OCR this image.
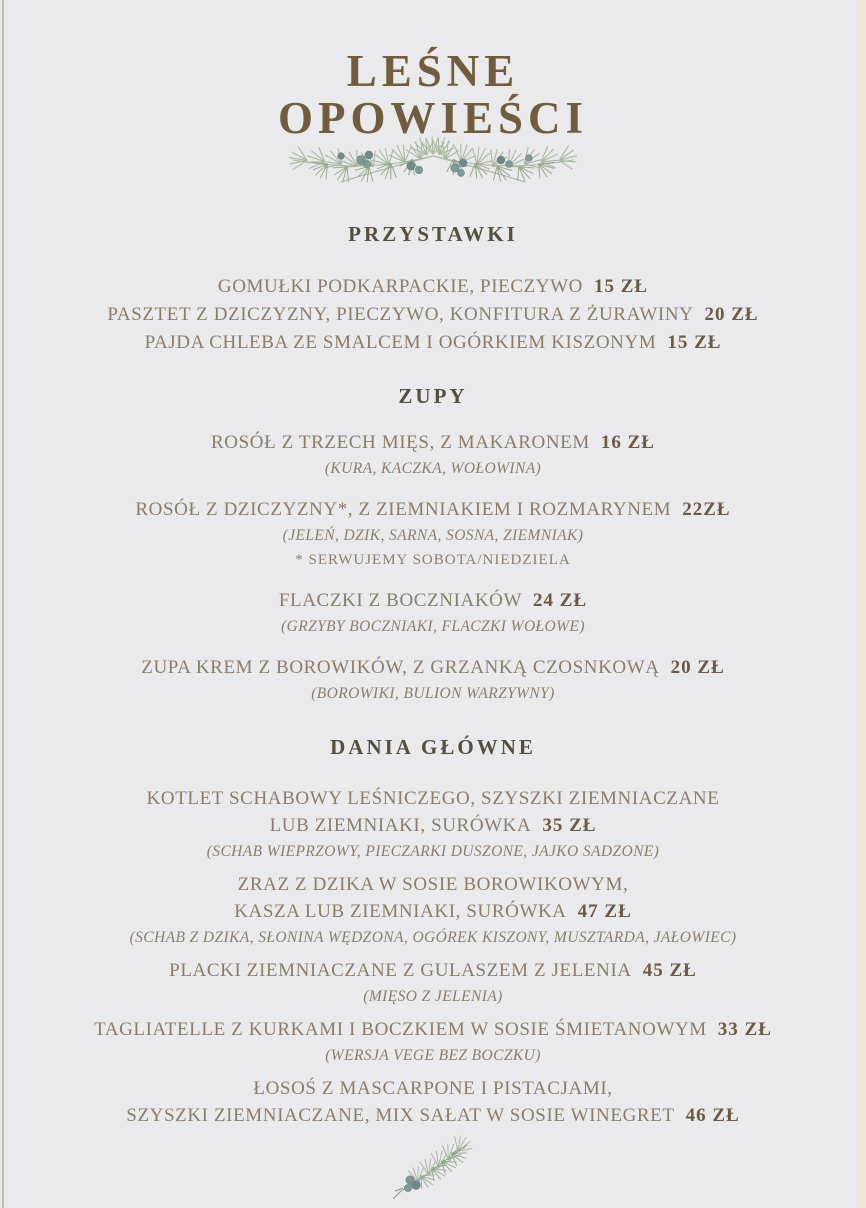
LEŚNE
OPOWIEŚCI
PRZYSTAWKI
GOMUŁKI PODKARPACKIE, PIECZYWO 15 ZŁ
PASZTET Z DZICZYZNY, PIECZYWO, KONFITURA Z ŻURAWINY 20 ZŁ
PAJDA CHLEBA ZE SMALCEM I OGÓRKIEM KISZONYM 15 ZŁ
ZUPY
ROSÓŁ Z TRZECH MIĘS, Z MAKARONEM 16 ZŁ
(KURA, KACZKA, WOŁOWINA)
ROSÓŁ Z DZICZYZNY*, Z ZIEMNIAKIEM I ROZMARYNEM 22ZŁ
(JELEŃ, DZIK, SARNA, SOSNA, ZIEMNIAK)
* SERWUJEMY SOBOTA/NIEDZIELA
FLACZKI Z BOCZNIAKÓW 24 ZŁ
(GRZYBY BOCZNIAKI, FLACZKI WOŁOWE)
ZUPA KREM Z BOROWIKÓW, Z GRZANKĄ CZOSNKOWĄ 20 ZŁ
(BOROWIKI, BULION WARZYWNY)
DANIA GŁÓWNE
KOTLET SCHABOWY LEŚNICZEGO, SZYSZKI ZIEMNIACZANE
LUB ZIEMNIAKI, SURÓWKA 35 ZŁ
(SCHAB WIEPRZOWY, PIECZARKI DUSZONE, JAJKO SADZONE)
ZRAZ Z DZIKA W SOSIE BOROWIKOWYM,
KASZA LUB ZIEMNIAKI, SURÓWKA 47 ZŁ
(SCHAB Z DZIKA, SŁONINA WĘDZONA, OGÓREK KISZONY, MUSZTARDA, JAŁOWIEC)
PLACKI ZIEMNIACZANE Z GULASZEM Z JELENIA 45 ZŁ
(MIĘSO Z JELENIA)
TAGLIATELLE Z KURKAMI I BOCZKIEM W SOSIE ŚMIETANOWYM 33 ZŁ
(WERSJA VEGE BEZ BOCZKU)
ŁOSOŚ Z MASCARPONE I PISTACJAMI,
SZYSZKI ZIEMNIACZANE, MIX SAŁAT W SOSIE WINEGRET 46 ZŁ
